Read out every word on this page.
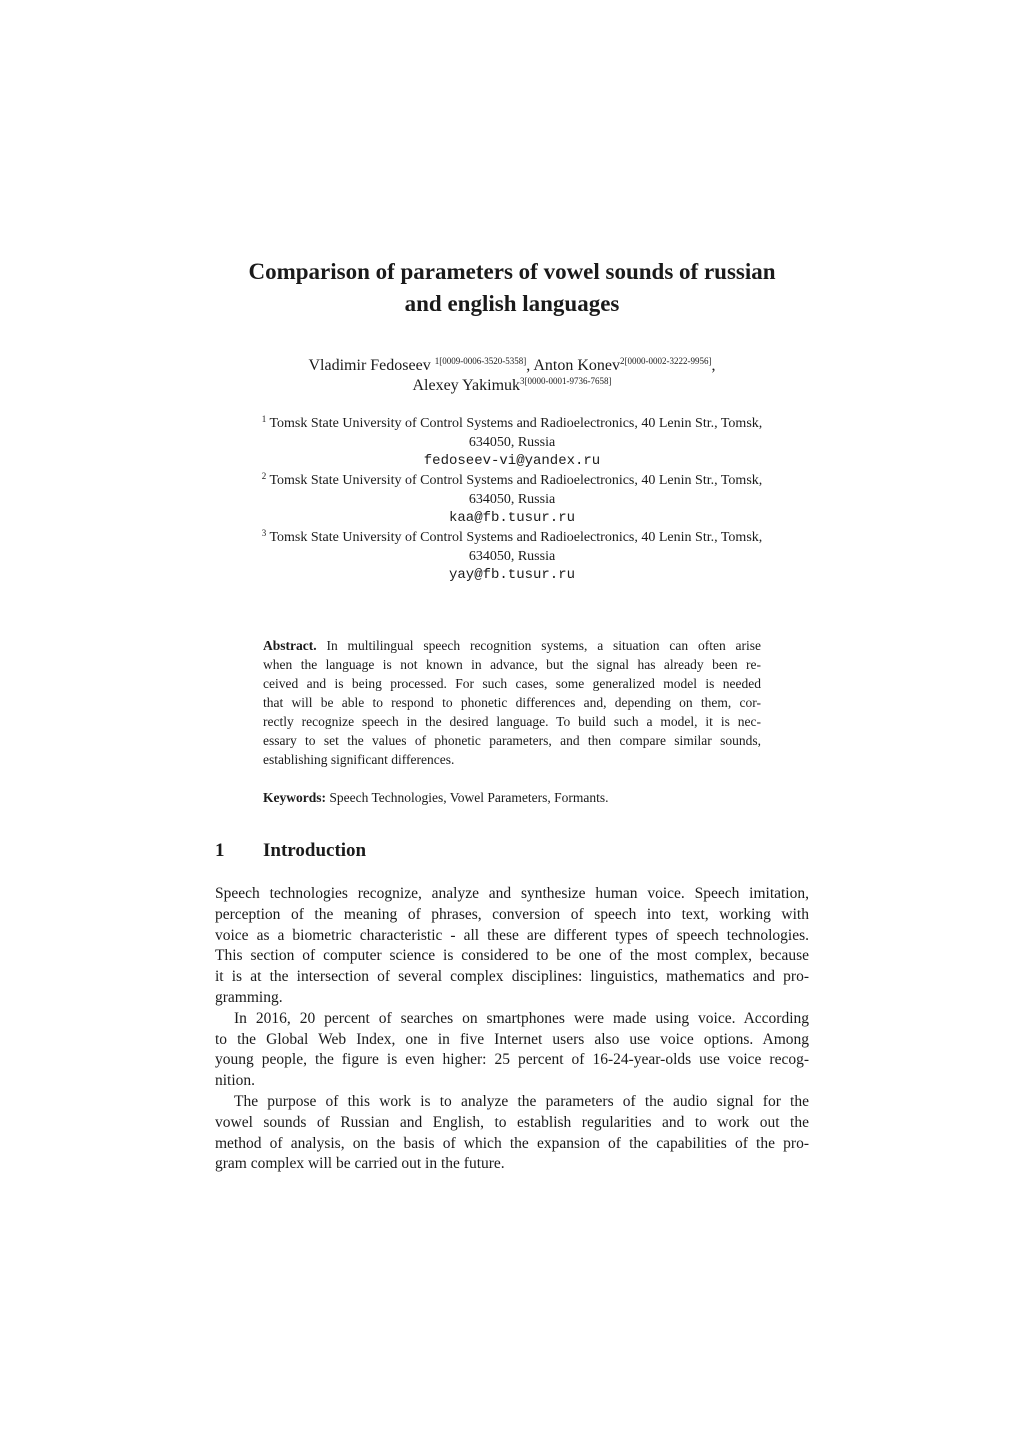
Comparison of parameters of vowel sounds of russian
and english languages
Vladimir Fedoseev $^{1[0009-0006-3520-5358]}$, Anton Konev$^{2[0000-0002-3222-9956]}$,
Alexey Yakimuk$^{3[0000-0001-9736-7658]}$
$^1$ Tomsk State University of Control Systems and Radioelectronics, 40 Lenin Str., Tomsk,
634050, Russia
fedoseev-vi@yandex.ru
$^2$ Tomsk State University of Control Systems and Radioelectronics, 40 Lenin Str., Tomsk,
634050, Russia
kaa@fb.tusur.ru
$^3$ Tomsk State University of Control Systems and Radioelectronics, 40 Lenin Str., Tomsk,
634050, Russia
yay@fb.tusur.ru
Abstract. In multilingual speech recognition systems, a situation can often arise
when the language is not known in advance, but the signal has already been re-
ceived and is being processed. For such cases, some generalized model is needed
that will be able to respond to phonetic differences and, depending on them, cor-
rectly recognize speech in the desired language. To build such a model, it is nec-
essary to set the values of phonetic parameters, and then compare similar sounds,
establishing significant differences.
Keywords: Speech Technologies, Vowel Parameters, Formants.
1 Introduction
Speech technologies recognize, analyze and synthesize human voice. Speech imitation,
perception of the meaning of phrases, conversion of speech into text, working with
voice as a biometric characteristic - all these are different types of speech technologies.
This section of computer science is considered to be one of the most complex, because
it is at the intersection of several complex disciplines: linguistics, mathematics and pro-
gramming.
In 2016, 20 percent of searches on smartphones were made using voice. According
to the Global Web Index, one in five Internet users also use voice options. Among
young people, the figure is even higher: 25 percent of 16-24-year-olds use voice recog-
nition.
The purpose of this work is to analyze the parameters of the audio signal for the
vowel sounds of Russian and English, to establish regularities and to work out the
method of analysis, on the basis of which the expansion of the capabilities of the pro-
gram complex will be carried out in the future.
